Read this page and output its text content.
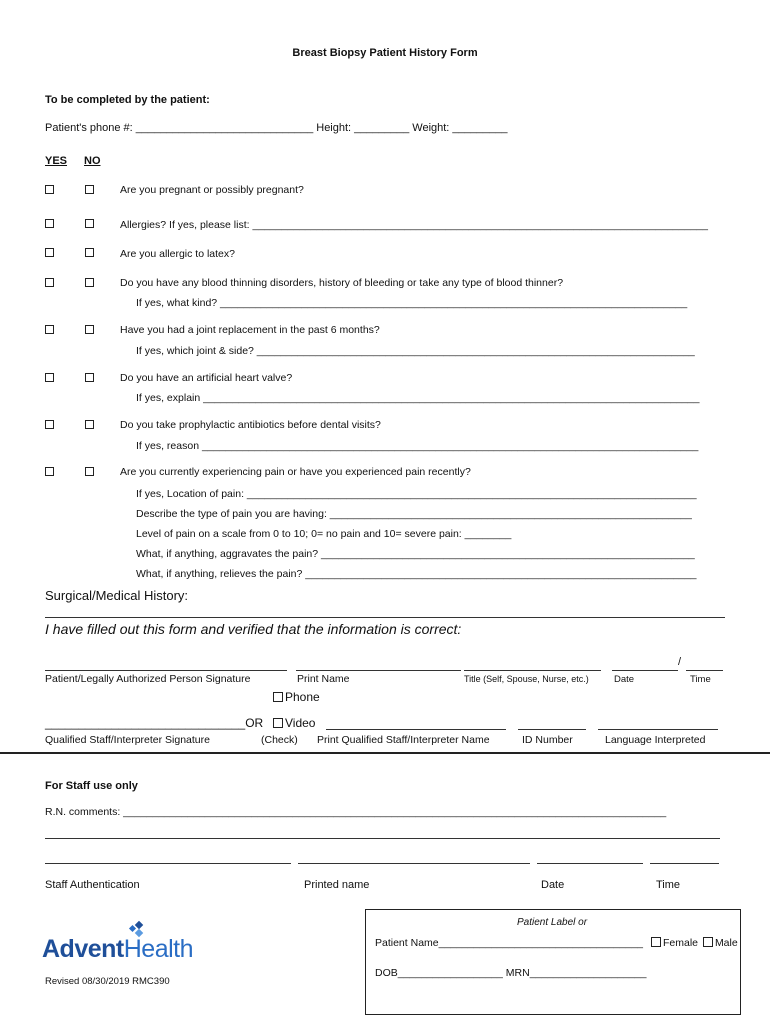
Breast Biopsy Patient History Form
To be completed by the patient:
Patient's phone #: _____________________________ Height: _________ Weight: _________
YES NO
Are you pregnant or possibly pregnant?
Allergies? If yes, please list: ______________________________________________________________________________
Are you allergic to latex?
Do you have any blood thinning disorders, history of bleeding or take any type of blood thinner?
If yes, what kind? ________________________________________________________________________________
Have you had a joint replacement in the past 6 months?
If yes, which joint & side? ___________________________________________________________________________
Do you have an artificial heart valve?
If yes, explain _____________________________________________________________________________________
Do you take prophylactic antibiotics before dental visits?
If yes, reason _____________________________________________________________________________________
Are you currently experiencing pain or have you experienced pain recently?
If yes, Location of pain: _____________________________________________________________________________
Describe the type of pain you are having: ______________________________________________________________
Level of pain on a scale from 0 to 10; 0= no pain and 10= severe pain: ________
What, if anything, aggravates the pain? ________________________________________________________________
What, if anything, relieves the pain? ___________________________________________________________________
Surgical/Medical History:
I have filled out this form and verified that the information is correct:
/
Patient/Legally Authorized Person Signature	Print Name	Title (Self, Spouse, Nurse, etc.)	Date	Time
Phone
______________________________OR	Video
Qualified Staff/Interpreter Signature	(Check) Print Qualified Staff/Interpreter Name	ID Number	Language Interpreted
For Staff use only
R.N. comments: _____________________________________________________________________________________________
Staff Authentication	Printed name	Date	Time
AdventHealth
Revised 08/30/2019 RMC390
Patient Label or
Patient Name___________________________________	Female Male
DOB__________________ MRN____________________
